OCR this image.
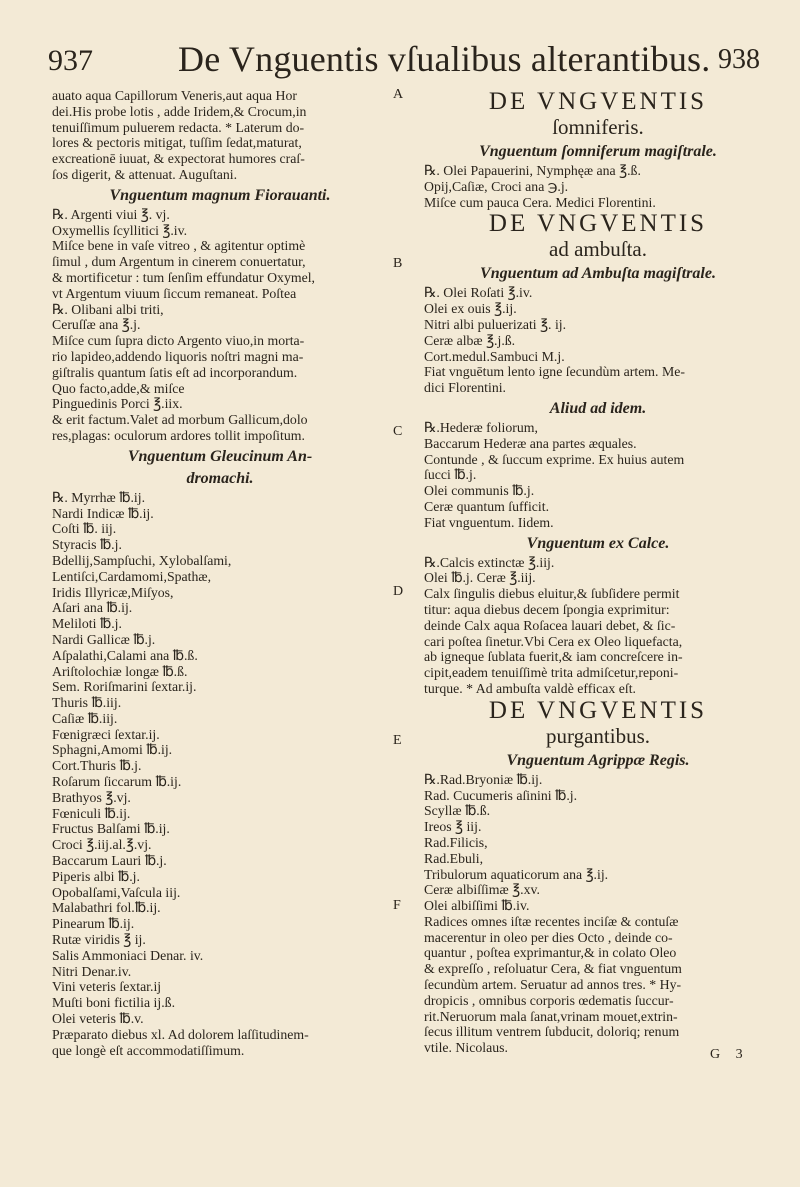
937 De Vnguentis vſualibus alterantibus. 938
auato aqua Capillorum Veneris,aut aqua Hor
dei.His probe lotis , adde Iridem,& Crocum,in
tenuiſſimum puluerem redacta. * Laterum do-
lores & pectoris mitigat, tuſſim ſedat,maturat,
excreationē iuuat, & expectorat humores craſ-
ſos digerit, & attenuat. Auguſtani.
Vnguentum magnum Fiorauanti.
℞. Argenti viui ℥. vj.
Oxymellis ſcyllitici ℥.iv.
Miſce bene in vaſe vitreo , & agitentur optimè
ſimul , dum Argentum in cinerem conuertatur,
& mortificetur : tum ſenſim effundatur Oxymel,
vt Argentum viuum ſiccum remaneat. Poſtea
℞. Olibani albi triti,
Ceruſſæ ana ℥.j.
Miſce cum ſupra dicto Argento viuo,in morta-
rio lapideo,addendo liquoris noſtri magni ma-
giſtralis quantum ſatis eſt ad incorporandum.
Quo facto,adde,& miſce
Pinguedinis Porci ℥.iix.
& erit factum.Valet ad morbum Gallicum,dolo
res,plagas: oculorum ardores tollit impoſitum.
Vnguentum Gleucinum An-
dromachi.
℞. Myrrhæ ℔.ij.
Nardi Indicæ ℔.ij.
Coſti ℔. iij.
Styracis ℔.j.
Bdellij,Sampſuchi, Xylobalſami,
Lentiſci,Cardamomi,Spathæ,
Iridis Illyricæ,Miſyos,
Aſari ana ℔.ij.
Meliloti ℔.j.
Nardi Gallicæ ℔.j.
Aſpalathi,Calami ana ℔.ß.
Ariſtolochiæ longæ ℔.ß.
Sem. Roriſmarini ſextar.ij.
Thuris ℔.iij.
Caſiæ ℔.iij.
Fœnigræci ſextar.ij.
Sphagni,Amomi ℔.ij.
Cort.Thuris ℔.j.
Roſarum ſiccarum ℔.ij.
Brathyos ℥.vj.
Fœniculi ℔.ij.
Fructus Balſami ℔.ij.
Croci ℥.iij.al.℥.vj.
Baccarum Lauri ℔.j.
Piperis albi ℔.j.
Opobalſami,Vaſcula iij.
Malabathri fol.℔.ij.
Pinearum ℔.ij.
Rutæ viridis ℥ ij.
Salis Ammoniaci Denar. iv.
Nitri Denar.iv.
Vini veteris ſextar.ij
Muſti boni fictilia ij.ß.
Olei veteris ℔.v.
Præparato diebus xl. Ad dolorem laſſitudinem-
que longè eſt accommodatiſſimum.
DE VNGVENTIS
ſomniferis.
Vnguentum ſomniferum magiſtrale.
℞. Olei Papauerini, Nymphęæ ana ℥.ß.
Opij,Caſiæ, Croci ana ℈.j.
Miſce cum pauca Cera. Medici Florentini.
DE VNGVENTIS
ad ambuſta.
Vnguentum ad Ambuſta magiſtrale.
℞. Olei Roſati ℥.iv.
Olei ex ouis ℥.ij.
Nitri albi puluerizati ℥. ij.
Ceræ albæ ℥.j.ß.
Cort.medul.Sambuci M.j.
Fiat vnguētum lento igne ſecundùm artem. Me-
dici Florentini.
Aliud ad idem.
℞.Hederæ foliorum,
Baccarum Hederæ ana partes æquales.
Contunde , & ſuccum exprime. Ex huius autem
ſucci ℔.j.
Olei communis ℔.j.
Ceræ quantum ſufficit.
Fiat vnguentum. Iidem.
Vnguentum ex Calce.
℞.Calcis extinctæ ℥.iij.
Olei ℔.j. Ceræ ℥.iij.
Calx ſingulis diebus eluitur,& ſubſidere permit
titur: aqua diebus decem ſpongia exprimitur:
deinde Calx aqua Roſacea lauari debet, & ſic-
cari poſtea ſinetur.Vbi Cera ex Oleo liquefacta,
ab igneque ſublata fuerit,& iam concreſcere in-
cipit,eadem tenuiſſimè trita admiſcetur,reponi-
turque. * Ad ambuſta valdè efficax eſt.
DE VNGVENTIS
purgantibus.
Vnguentum Agrippæ Regis.
℞.Rad.Bryoniæ ℔.ij.
Rad. Cucumeris aſinini ℔.j.
Scyllæ ℔.ß.
Ireos ℥ iij.
Rad.Filicis,
Rad.Ebuli,
Tribulorum aquaticorum ana ℥.ij.
Ceræ albiſſimæ ℥.xv.
Olei albiſſimi ℔.iv.
Radices omnes iſtæ recentes inciſæ & contuſæ
macerentur in oleo per dies Octo , deinde co-
quantur , poſtea exprimantur,& in colato Oleo
& expreſſo , reſoluatur Cera, & fiat vnguentum
ſecundùm artem. Seruatur ad annos tres. * Hy-
dropicis , omnibus corporis œdematis ſuccur-
rit.Neruorum mala ſanat,vrinam mouet,extrin-
ſecus illitum ventrem ſubducit, doloriq; renum
vtile. Nicolaus.
A
B
C
D
E
F
G 3
